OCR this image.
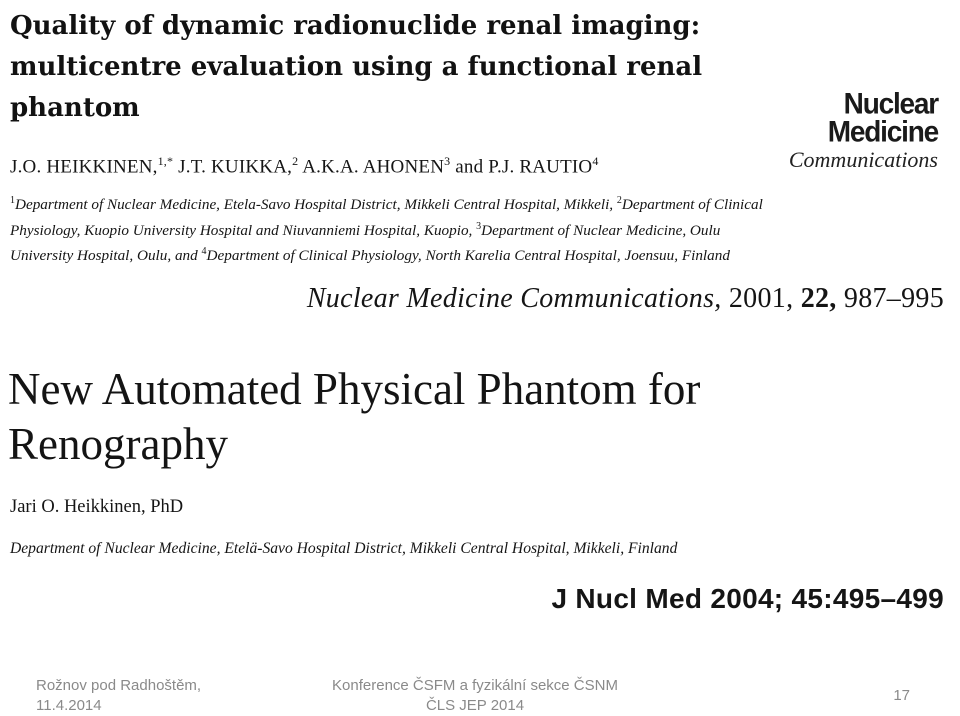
Quality of dynamic radionuclide renal imaging: multicentre evaluation using a functional renal phantom
J.O. HEIKKINEN,$^{1,*}$ J.T. KUIKKA,$^2$ A.K.A. AHONEN$^3$ and P.J. RAUTIO$^4$
$^1$Department of Nuclear Medicine, Etela-Savo Hospital District, Mikkeli Central Hospital, Mikkeli, $^2$Department of Clinical Physiology, Kuopio University Hospital and Niuvanniemi Hospital, Kuopio, $^3$Department of Nuclear Medicine, Oulu University Hospital, Oulu, and $^4$Department of Clinical Physiology, North Karelia Central Hospital, Joensuu, Finland
Nuclear
Medicine
Communications
Nuclear Medicine Communications, 2001, 22, 987–995
New Automated Physical Phantom for Renography
Jari O. Heikkinen, PhD
Department of Nuclear Medicine, Etelä-Savo Hospital District, Mikkeli Central Hospital, Mikkeli, Finland
J Nucl Med 2004; 45:495–499
Rožnov pod Radhoštěm,
11.4.2014
Konference ČSFM a fyzikální sekce ČSNM
ČLS JEP 2014
17
